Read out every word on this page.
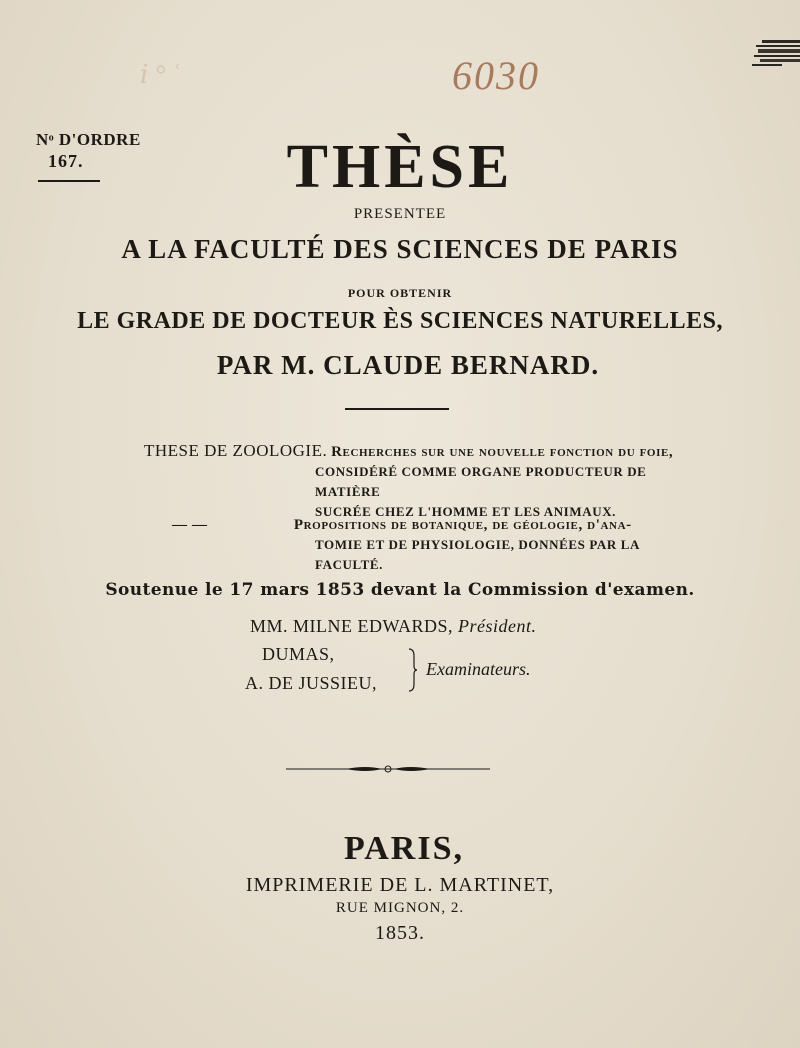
ⅰ ° ʿ	6030
Nᵒ D'ORDRE
167.	THÈSE
PRESENTEE
A LA FACULTÉ DES SCIENCES DE PARIS
POUR OBTENIR
LE GRADE DE DOCTEUR ÈS SCIENCES NATURELLES,
PAR M. CLAUDE BERNARD.
THESE DE ZOOLOGIE. Recherches sur une nouvelle fonction du foie,
CONSIDÉRÉ COMME ORGANE PRODUCTEUR DE MATIÈRE
SUCRÉE CHEZ L'HOMME ET LES ANIMAUX.
— —	Propositions de botanique, de géologie, d'ana-
TOMIE ET DE PHYSIOLOGIE, DONNÉES PAR LA FACULTÉ.
Soutenue le 17 mars 1853 devant la Commission d'examen.
MM. MILNE EDWARDS, Président.
DUMAS,
A. DE JUSSIEU,
Examinateurs.
PARIS,
IMPRIMERIE DE L. MARTINET,
RUE MIGNON, 2.
1853.
